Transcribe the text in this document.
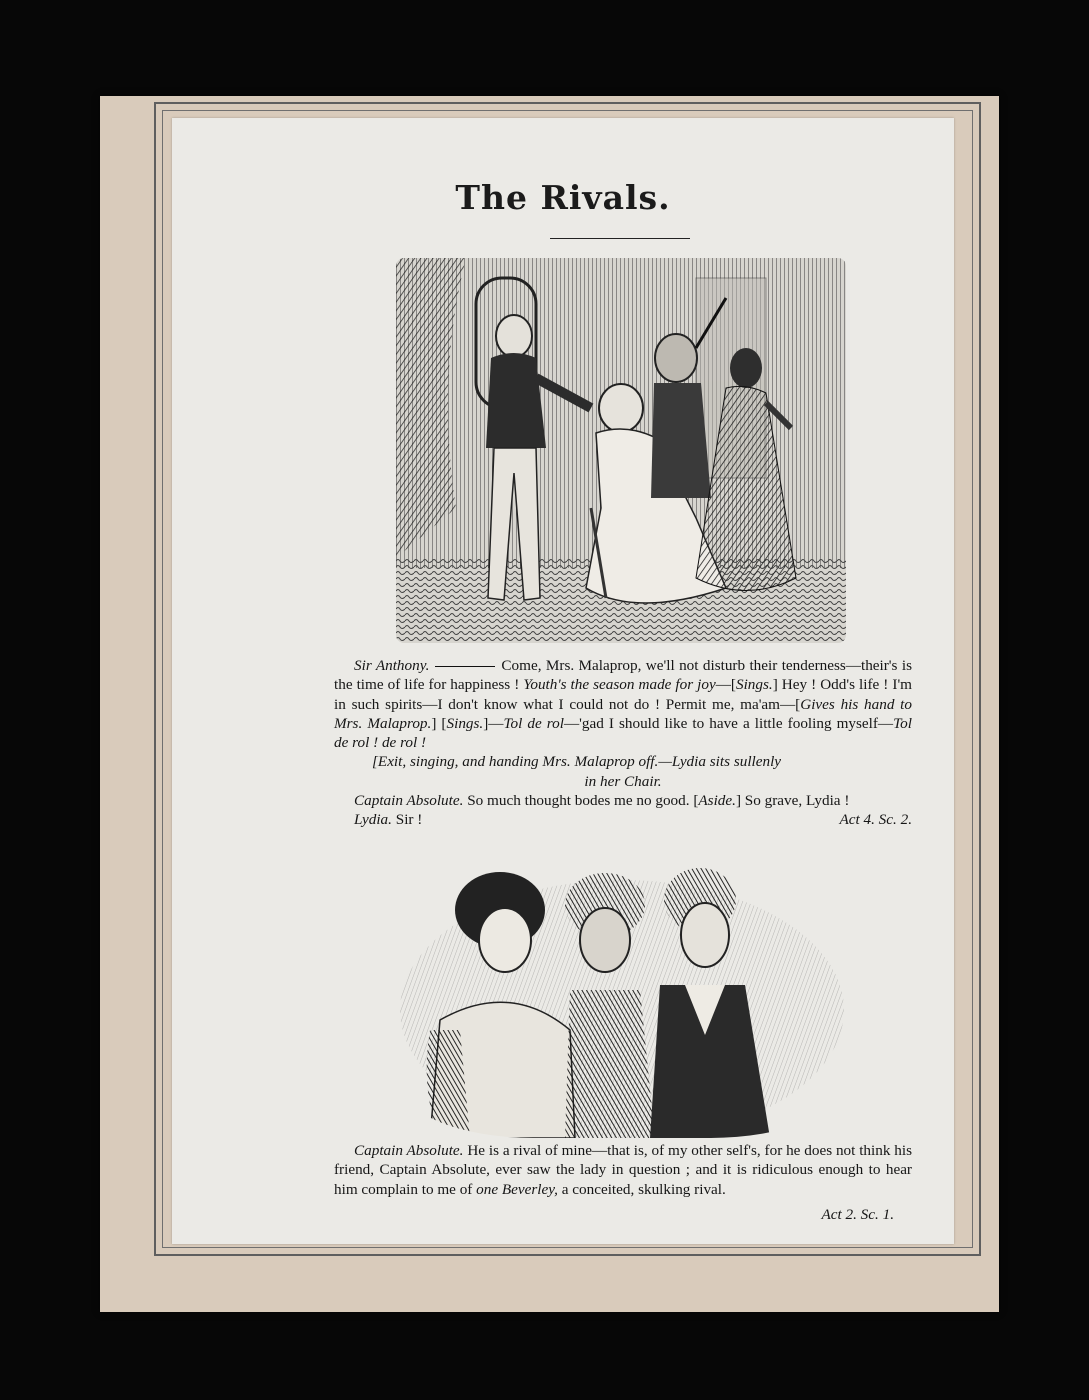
The Rivals.
Sir Anthony.	Come, Mrs. Malaprop, we'll not disturb their tenderness—their's is the time of life for happiness ! Youth's the season made for joy—[Sings.] Hey ! Odd's life ! I'm in such spirits—I don't know what I could not do ! Permit me, ma'am—[Gives his hand to Mrs. Malaprop.] [Sings.]—Tol de rol—'gad I should like to have a little fooling myself—Tol de rol ! de rol !
[Exit, singing, and handing Mrs. Malaprop off.—Lydia sits sullenly
in her Chair.
Captain Absolute. So much thought bodes me no good. [Aside.] So grave, Lydia !
Lydia. Sir !	Act 4. Sc. 2.
Captain Absolute. He is a rival of mine—that is, of my other self's, for he does not think his friend, Captain Absolute, ever saw the lady in question ; and it is ridiculous enough to hear him complain to me of one Beverley, a conceited, skulking rival.
Act 2. Sc. 1.
